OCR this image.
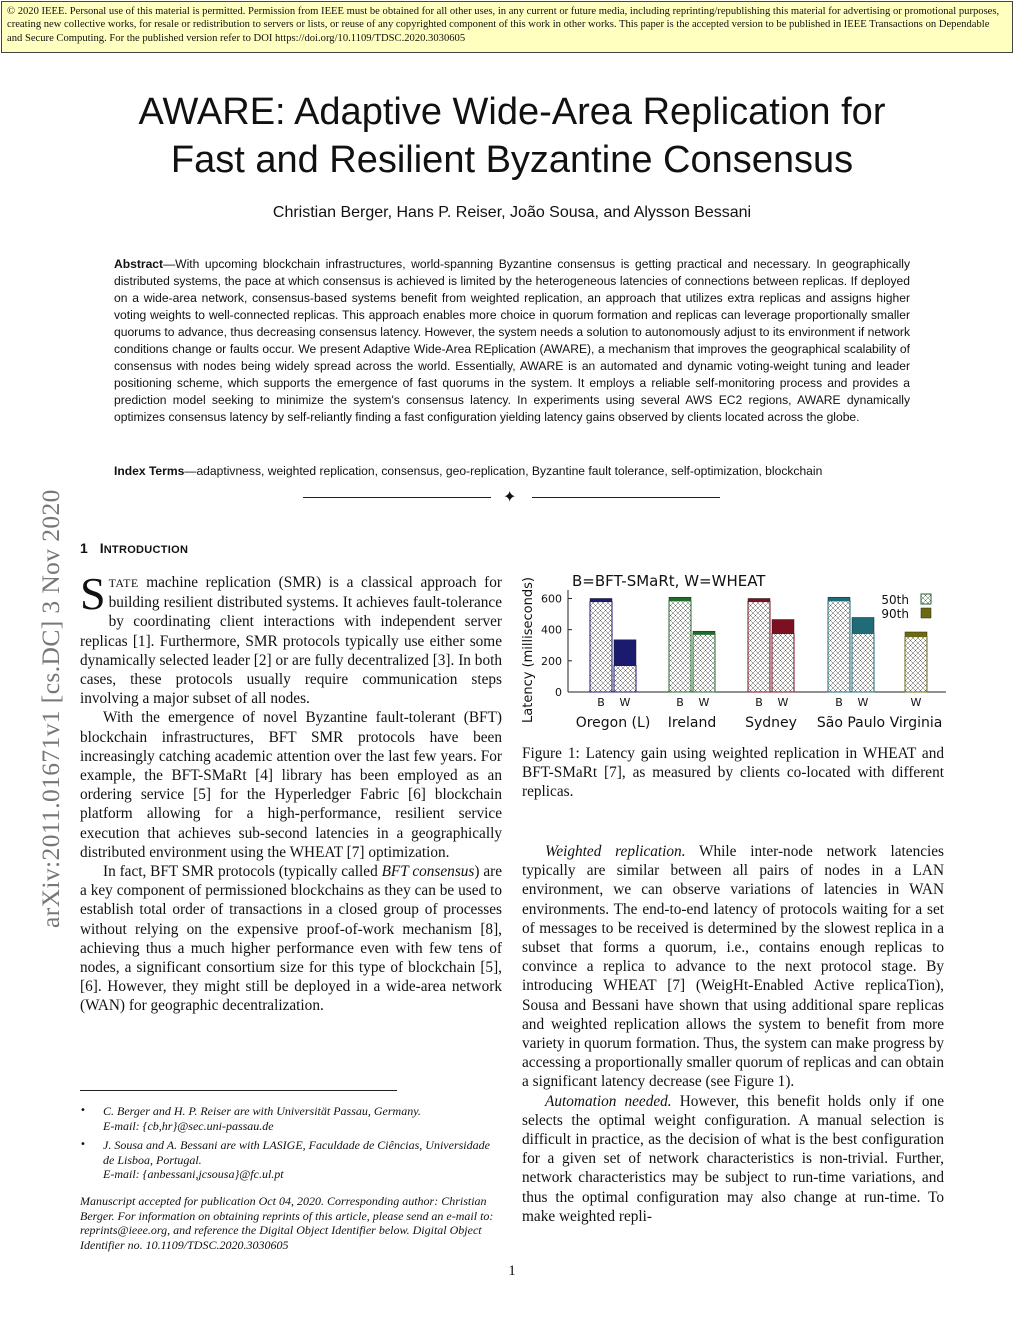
© 2020 IEEE. Personal use of this material is permitted. Permission from IEEE must be obtained for all other uses, in any current or future media, including reprinting/republishing this material for advertising or promotional purposes, creating new collective works, for resale or redistribution to servers or lists, or reuse of any copyrighted component of this work in other works. This paper is the accepted version to be published in IEEE Transactions on Dependable and Secure Computing. For the published version refer to DOI https://doi.org/10.1109/TDSC.2020.3030605
AWARE: Adaptive Wide-Area Replication for
Fast and Resilient Byzantine Consensus
Christian Berger, Hans P. Reiser, João Sousa, and Alysson Bessani

Abstract—With upcoming blockchain infrastructures, world-spanning Byzantine consensus is getting practical and necessary. In geographically distributed systems, the pace at which consensus is achieved is limited by the heterogeneous latencies of connections between replicas. If deployed on a wide-area network, consensus-based systems benefit from weighted replication, an approach that utilizes extra replicas and assigns higher voting weights to well-connected replicas. This approach enables more choice in quorum formation and replicas can leverage proportionally smaller quorums to advance, thus decreasing consensus latency. However, the system needs a solution to autonomously adjust to its environment if network conditions change or faults occur. We present Adaptive Wide-Area REplication (AWARE), a mechanism that improves the geographical scalability of consensus with nodes being widely spread across the world. Essentially, AWARE is an automated and dynamic voting-weight tuning and leader positioning scheme, which supports the emergence of fast quorums in the system. It employs a reliable self-monitoring process and provides a prediction model seeking to minimize the system's consensus latency. In experiments using several AWS EC2 regions, AWARE dynamically optimizes consensus latency by self-reliantly finding a fast configuration yielding latency gains observed by clients located across the globe.

Index Terms—adaptivness, weighted replication, consensus, geo-replication, Byzantine fault tolerance, self-optimization, blockchain

✦
arXiv:2011.01671v1 [cs.DC] 3 Nov 2020 1 INTRODUCTION

STATE machine replication (SMR) is a classical approach for building resilient distributed systems. It achieves fault-tolerance by coordinating client interactions with independent server replicas [1]. Furthermore, SMR protocols typically use either some dynamically selected leader [2] or are fully decentralized [3]. In both cases, these protocols usually require communication steps involving a major subset of all nodes.

With the emergence of novel Byzantine fault-tolerant (BFT) blockchain infrastructures, BFT SMR protocols have been increasingly catching academic attention over the last few years. For example, the BFT-SMaRt [4] library has been employed as an ordering service [5] for the Hyperledger Fabric [6] blockchain platform allowing for a high-performance, resilient service execution that achieves sub-second latencies in a geographically distributed environment using the WHEAT [7] optimization.

In fact, BFT SMR protocols (typically called BFT consensus) are a key component of permissioned blockchains as they can be used to establish total order of transactions in a closed group of processes without relying on the expensive proof-of-work mechanism [8], achieving thus a much higher performance even with few tens of nodes, a significant consortium size for this type of blockchain [5], [6]. However, they might still be deployed in a wide-area network (WAN) for geographic decentralization.

• C. Berger and H. P. Reiser are with Universität Passau, Germany.
E-mail: {cb,hr}@sec.uni-passau.de
• J. Sousa and A. Bessani are with LASIGE, Faculdade de Ciências, Universidade de Lisboa, Portugal.
E-mail: {anbessani,jcsousa}@fc.ul.pt

Manuscript accepted for publication Oct 04, 2020. Corresponding author: Christian Berger. For information on obtaining reprints of this article, please send an e-mail to: reprints@ieee.org, and reference the Digital Object Identifier below. Digital Object Identifier no. 10.1109/TDSC.2020.3030605

B=BFT-SMaRt, W=WHEAT
Latency (milliseconds) 0
200
400
600
B W
Oregon (L)
B W
Ireland
B W
Sydney
B W
São Paulo
W
Virginia
50th
90th

Figure 1: Latency gain using weighted replication in WHEAT and BFT-SMaRt [7], as measured by clients co-located with different replicas.

Weighted replication. While inter-node network latencies typically are similar between all pairs of nodes in a LAN environment, we can observe variations of latencies in WAN environments. The end-to-end latency of protocols waiting for a set of messages to be received is determined by the slowest replica in a subset that forms a quorum, i.e., contains enough replicas to convince a replica to advance to the next protocol stage. By introducing WHEAT [7] (WeigHt-Enabled Active replicaTion), Sousa and Bessani have shown that using additional spare replicas and weighted replication allows the system to benefit from more variety in quorum formation. Thus, the system can make progress by accessing a proportionally smaller quorum of replicas and can obtain a significant latency decrease (see Figure 1).

Automation needed. However, this benefit holds only if one selects the optimal weight configuration. A manual selection is difficult in practice, as the decision of what is the best configuration for a given set of network characteristics is non-trivial. Further, network characteristics may be subject to run-time variations, and thus the optimal configuration may also change at run-time. To make weighted repli-

1
